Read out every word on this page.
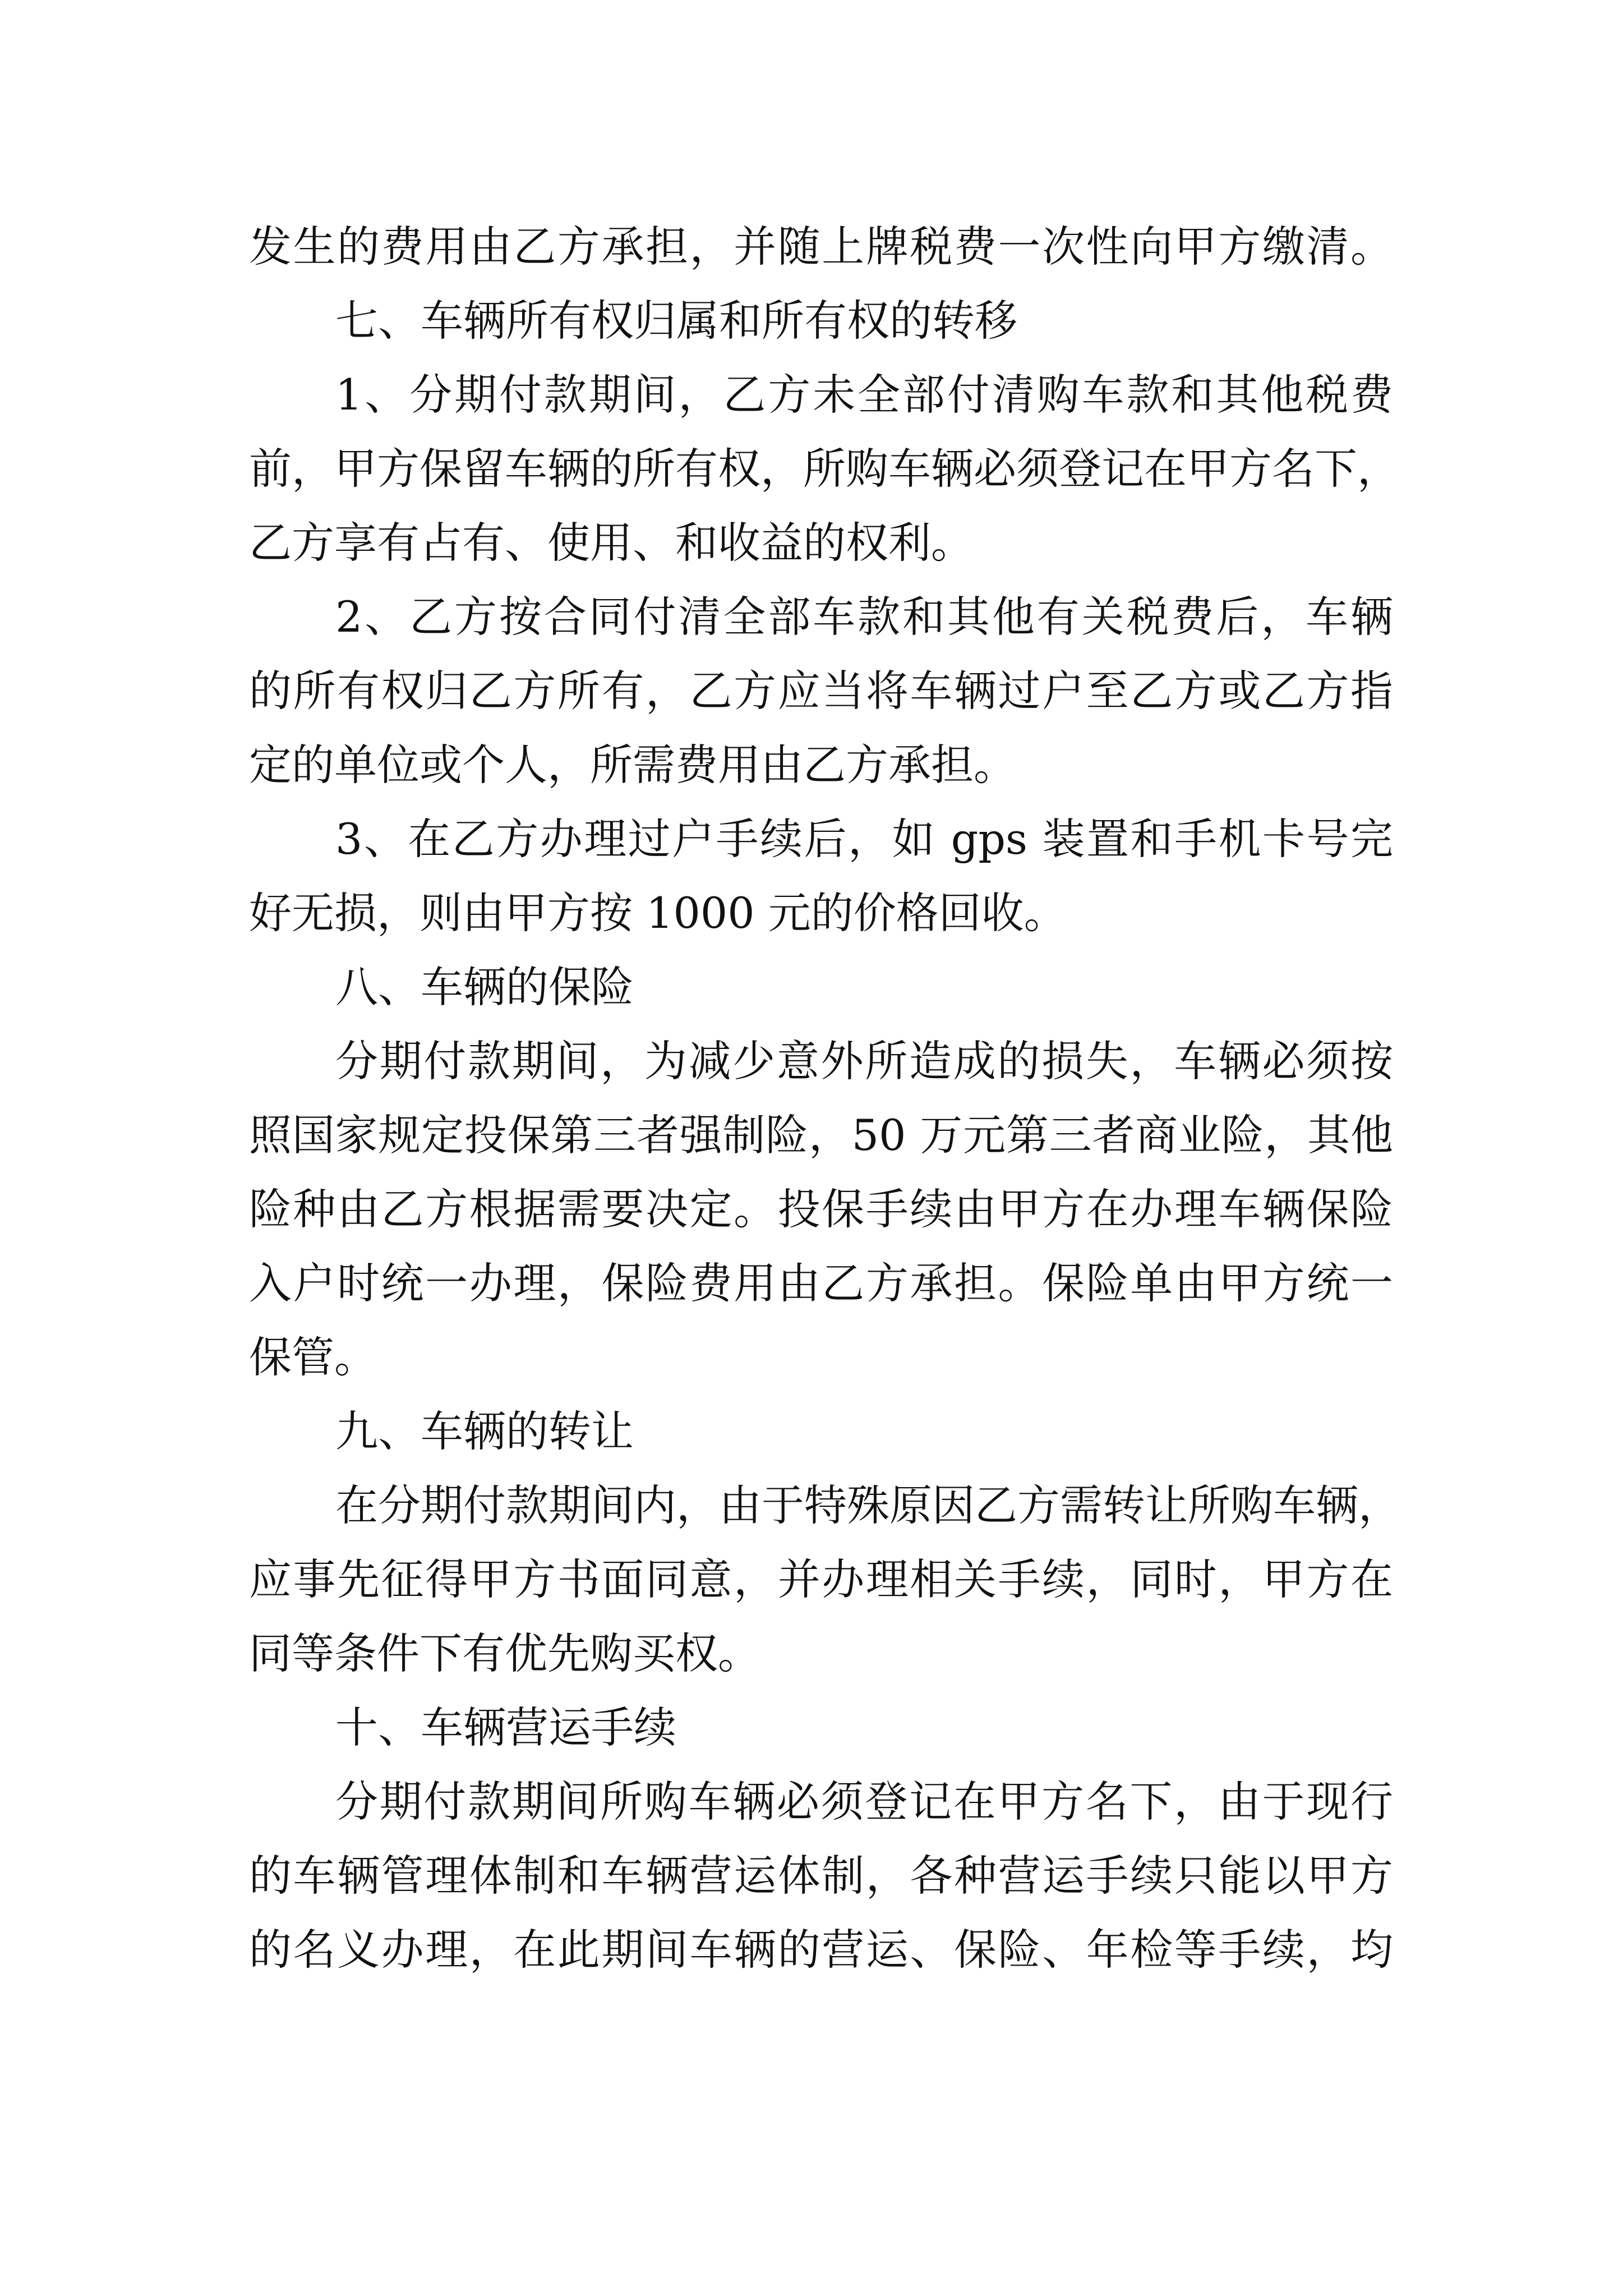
发生的费用由乙方承担，并随上牌税费一次性向甲方缴清。
七、车辆所有权归属和所有权的转移
1、分期付款期间，乙方未全部付清购车款和其他税费
前，甲方保留车辆的所有权，所购车辆必须登记在甲方名下，
乙方享有占有、使用、和收益的权利。
2、乙方按合同付清全部车款和其他有关税费后，车辆
的所有权归乙方所有，乙方应当将车辆过户至乙方或乙方指
定的单位或个人，所需费用由乙方承担。
3、在乙方办理过户手续后，如 gps 装置和手机卡号完
好无损，则由甲方按 1000 元的价格回收。
八、车辆的保险
分期付款期间，为减少意外所造成的损失，车辆必须按
照国家规定投保第三者强制险，50 万元第三者商业险，其他
险种由乙方根据需要决定。投保手续由甲方在办理车辆保险
入户时统一办理，保险费用由乙方承担。保险单由甲方统一
保管。
九、车辆的转让
在分期付款期间内，由于特殊原因乙方需转让所购车辆，
应事先征得甲方书面同意，并办理相关手续，同时，甲方在
同等条件下有优先购买权。
十、车辆营运手续
分期付款期间所购车辆必须登记在甲方名下，由于现行
的车辆管理体制和车辆营运体制，各种营运手续只能以甲方
的名义办理，在此期间车辆的营运、保险、年检等手续，均
